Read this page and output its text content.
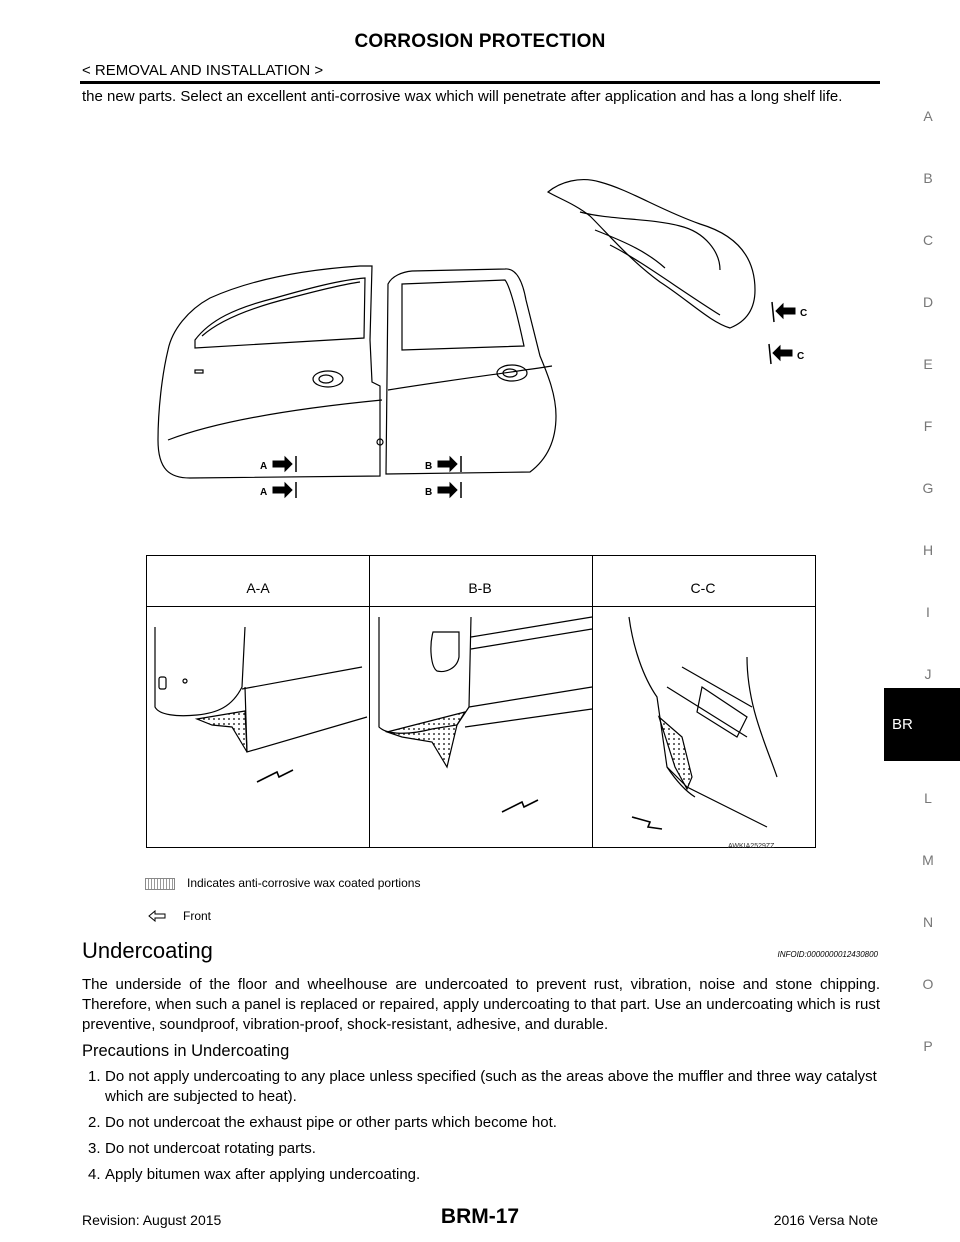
CORROSION PROTECTION
< REMOVAL AND INSTALLATION >
the new parts. Select an excellent anti-corrosive wax which will penetrate after application and has a long shelf life.
A
B
C
D
E
F
G
H
I
J
L
M
N
O
P
BR
A
A
B
B
C
C
A-A	B-B	C-C
AWKIA2529ZZ
Indicates anti-corrosive wax coated portions
Front
Undercoating	INFOID:0000000012430800
The underside of the floor and wheelhouse are undercoated to prevent rust, vibration, noise and stone chipping. Therefore, when such a panel is replaced or repaired, apply undercoating to that part. Use an undercoating which is rust preventive, soundproof, vibration-proof, shock-resistant, adhesive, and durable.
Precautions in Undercoating
1. Do not apply undercoating to any place unless specified (such as the areas above the muffler and three way catalyst which are subjected to heat).
2. Do not undercoat the exhaust pipe or other parts which become hot.
3. Do not undercoat rotating parts.
4. Apply bitumen wax after applying undercoating.
Revision: August 2015	BRM-17	2016 Versa Note
